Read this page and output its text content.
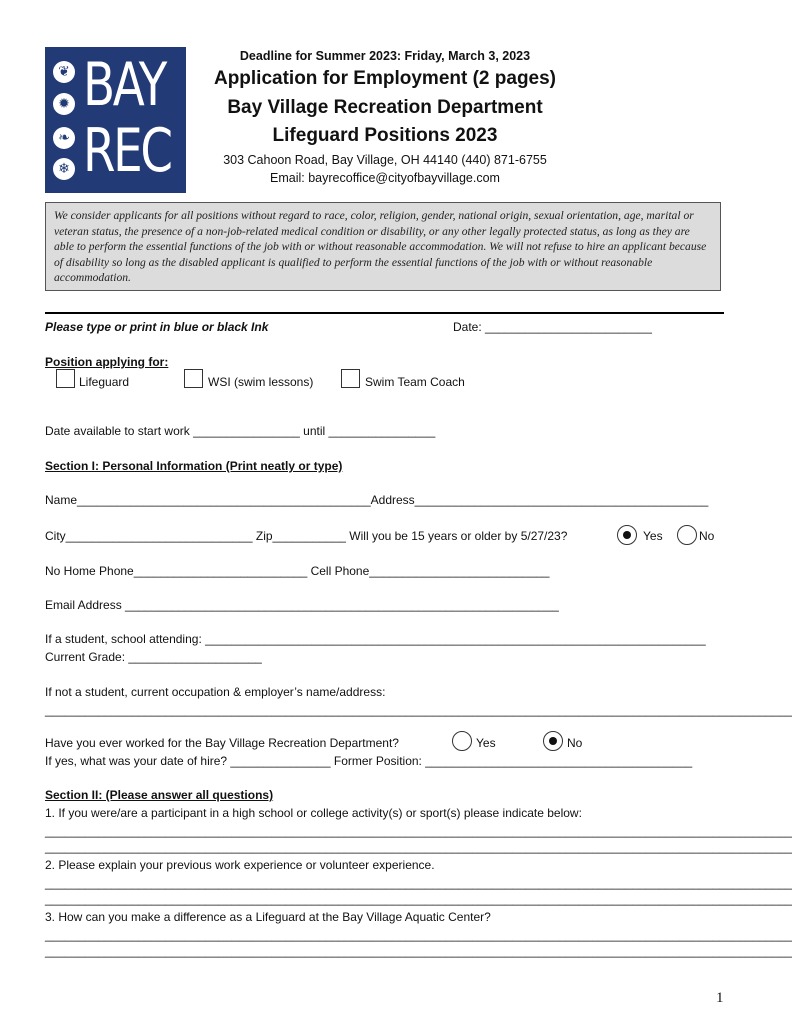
❦
✹
❧
❄
BAY
REC
Deadline for Summer 2023: Friday, March 3, 2023
Application for Employment (2 pages)
Bay Village Recreation Department
Lifeguard Positions 2023
303 Cahoon Road, Bay Village, OH 44140 (440) 871-6755
Email: bayrecoffice@cityofbayvillage.com
We consider applicants for all positions without regard to race, color, religion, gender, national origin, sexual orientation, age, marital or veteran status, the presence of a non-job-related medical condition or disability, or any other legally protected status, as long as they are able to perform the essential functions of the job with or without reasonable accommodation. We will not refuse to hire an applicant because of disability so long as the disabled applicant is qualified to perform the essential functions of the job with or without reasonable accommodation.
Please type or print in blue or black Ink	Date: _________________________
Position applying for:
Lifeguard	WSI (swim lessons)	Swim Team Coach
Date available to start work ________________ until ________________
Section I: Personal Information (Print neatly or type)
Name____________________________________________Address____________________________________________
City____________________________ Zip___________ Will you be 15 years or older by 5/27/23?	Yes	No
No Home Phone__________________________ Cell Phone___________________________
Email Address _________________________________________________________________
If a student, school attending: ___________________________________________________________________________
Current Grade: ____________________
If not a student, current occupation & employer’s name/address:
________________________________________________________________________________________________________________
Have you ever worked for the Bay Village Recreation Department?	Yes	No
If yes, what was your date of hire? _______________ Former Position: ________________________________________
Section II: (Please answer all questions)
1. If you were/are a participant in a high school or college activity(s) or sport(s) please indicate below:
________________________________________________________________________________________________________________
________________________________________________________________________________________________________________
2. Please explain your previous work experience or volunteer experience.
________________________________________________________________________________________________________________
________________________________________________________________________________________________________________
3. How can you make a difference as a Lifeguard at the Bay Village Aquatic Center?
________________________________________________________________________________________________________________
________________________________________________________________________________________________________________
1
